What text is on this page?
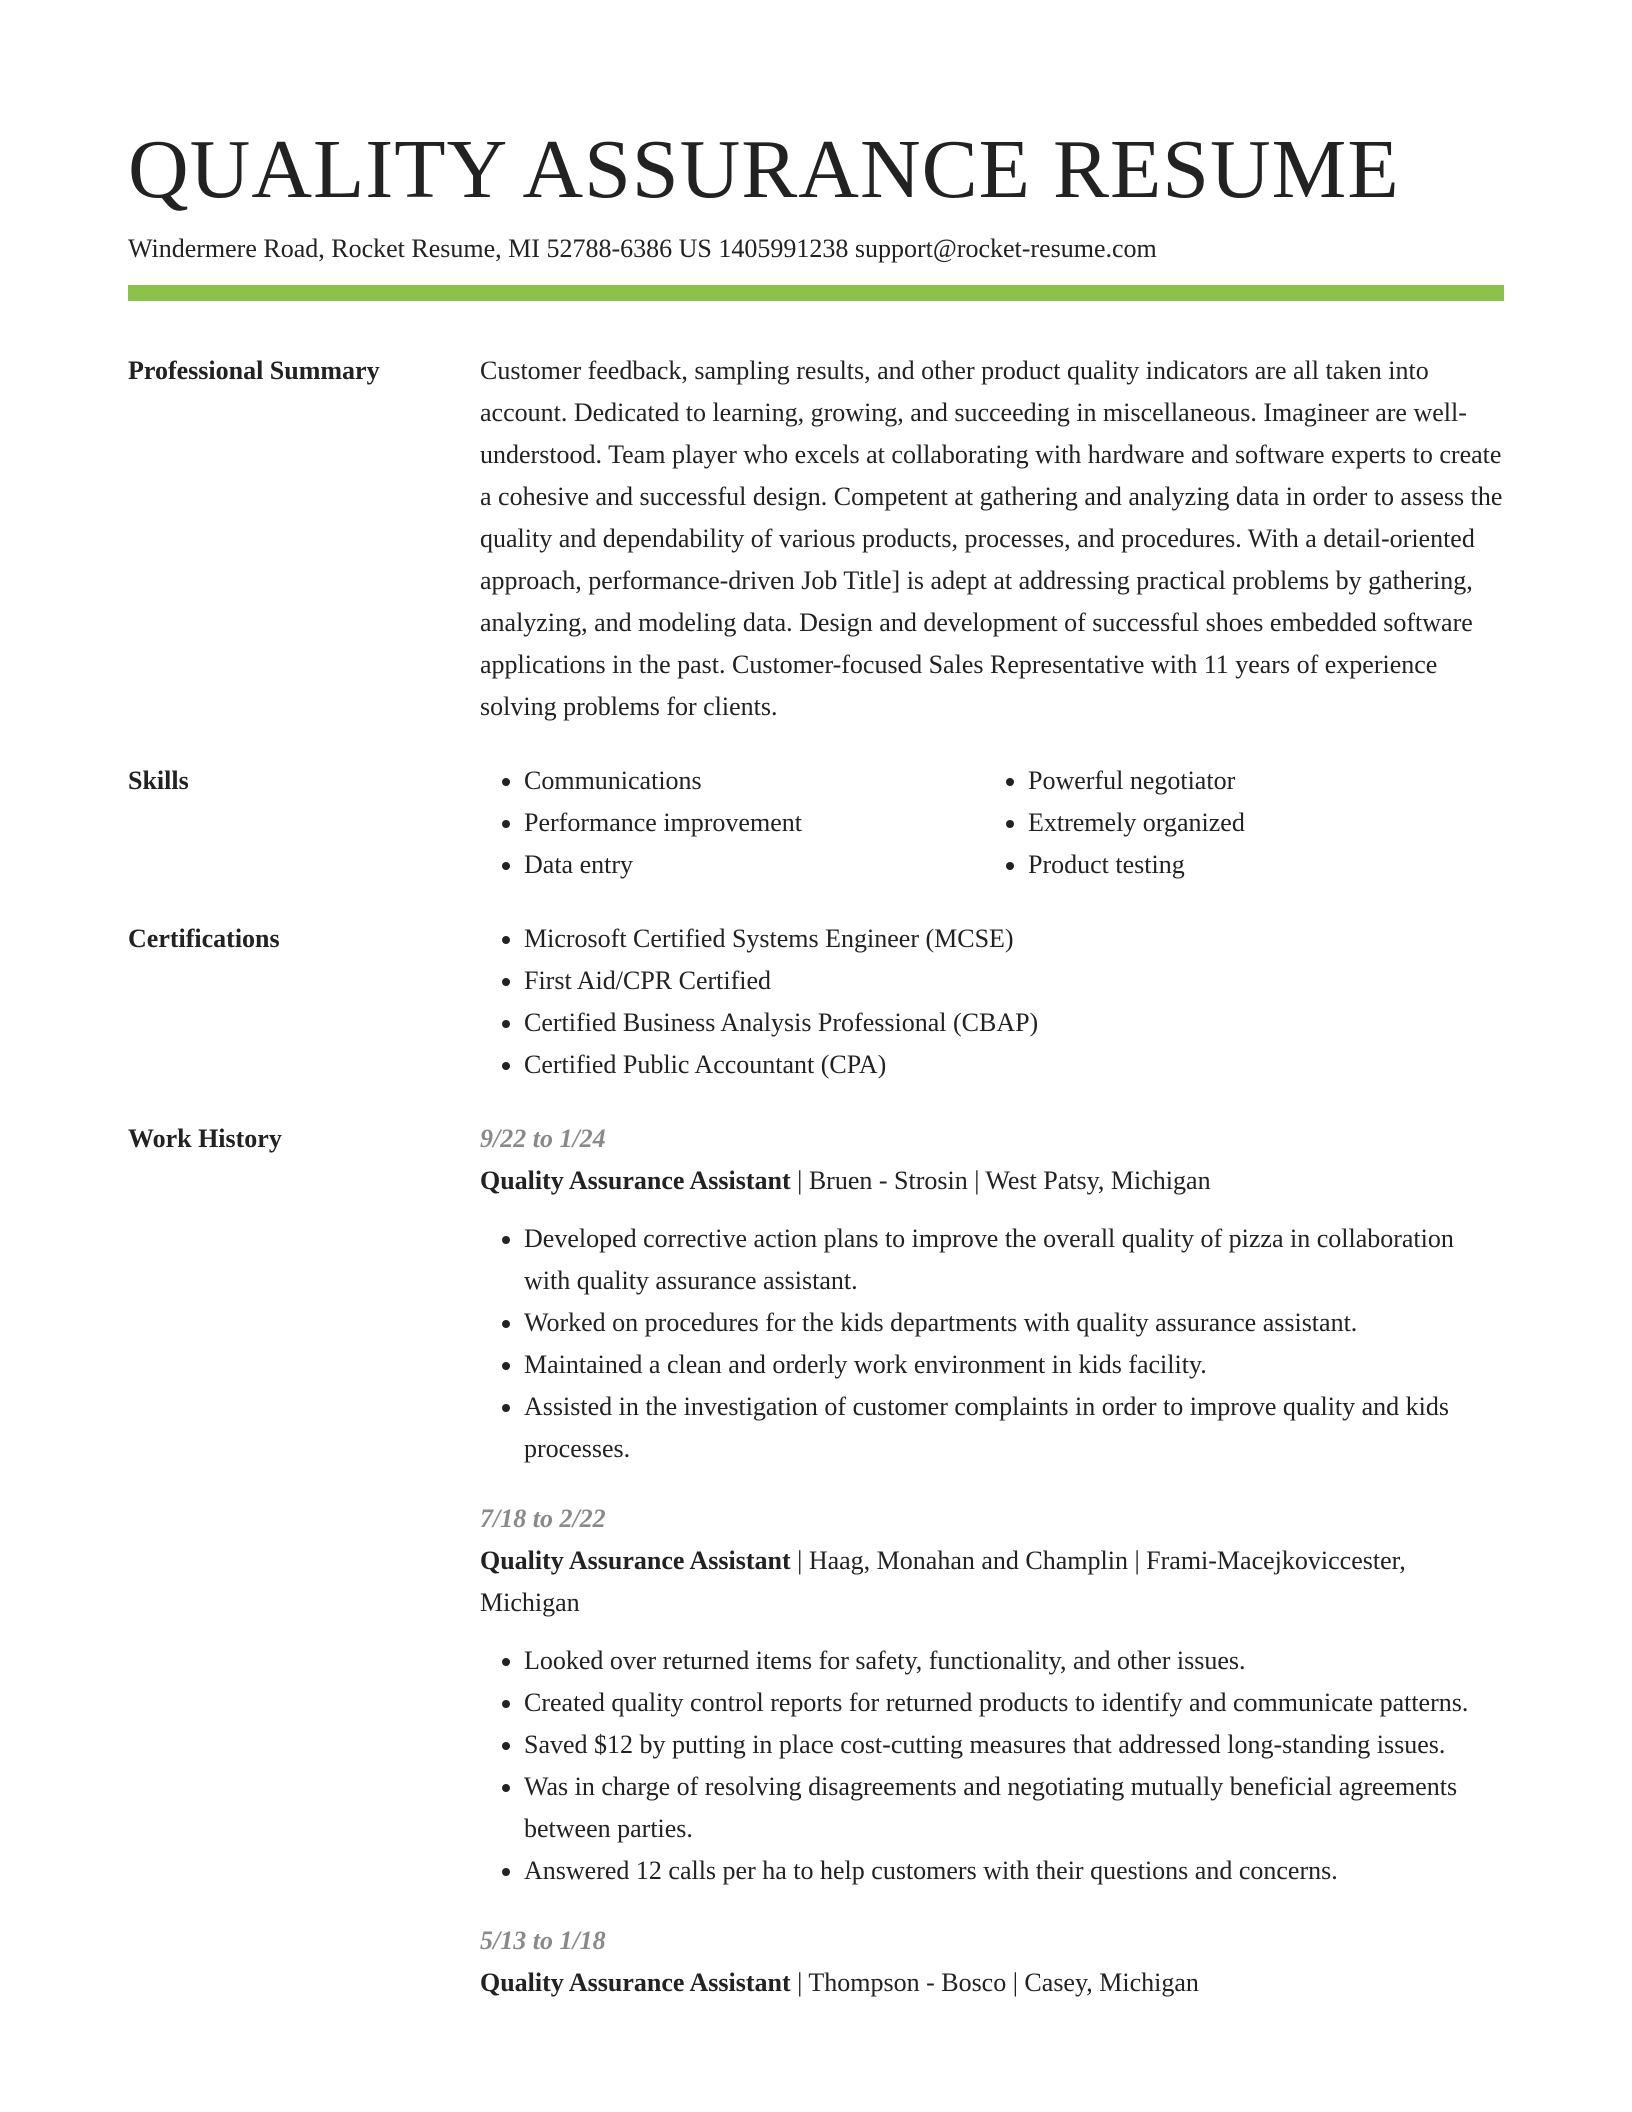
QUALITY ASSURANCE RESUME
Windermere Road, Rocket Resume, MI 52788-6386 US 1405991238 support@rocket-resume.com
Professional Summary	Customer feedback, sampling results, and other product quality indicators are all taken into account. Dedicated to learning, growing, and succeeding in miscellaneous. Imagineer are well-understood. Team player who excels at collaborating with hardware and software experts to create a cohesive and successful design. Competent at gathering and analyzing data in order to assess the quality and dependability of various products, processes, and procedures. With a detail-oriented approach, performance-driven Job Title] is adept at addressing practical problems by gathering, analyzing, and modeling data. Design and development of successful shoes embedded software applications in the past. Customer-focused Sales Representative with 11 years of experience solving problems for clients.

Skills	• Communications
• Performance improvement
• Data entry
• Powerful negotiator
• Extremely organized
• Product testing
Certifications	• Microsoft Certified Systems Engineer (MCSE)
• First Aid/CPR Certified
• Certified Business Analysis Professional (CBAP)
• Certified Public Accountant (CPA)
Work History	9/22 to 1/24
Quality Assurance Assistant | Bruen - Strosin | West Patsy, Michigan
• Developed corrective action plans to improve the overall quality of pizza in collaboration with quality assurance assistant.
• Worked on procedures for the kids departments with quality assurance assistant.
• Maintained a clean and orderly work environment in kids facility.
• Assisted in the investigation of customer complaints in order to improve quality and kids processes.
7/18 to 2/22
Quality Assurance Assistant | Haag, Monahan and Champlin | Frami-Macejkoviccester, Michigan
• Looked over returned items for safety, functionality, and other issues.
• Created quality control reports for returned products to identify and communicate patterns.
• Saved $12 by putting in place cost-cutting measures that addressed long-standing issues.
• Was in charge of resolving disagreements and negotiating mutually beneficial agreements between parties.
• Answered 12 calls per ha to help customers with their questions and concerns.
5/13 to 1/18
Quality Assurance Assistant | Thompson - Bosco | Casey, Michigan
